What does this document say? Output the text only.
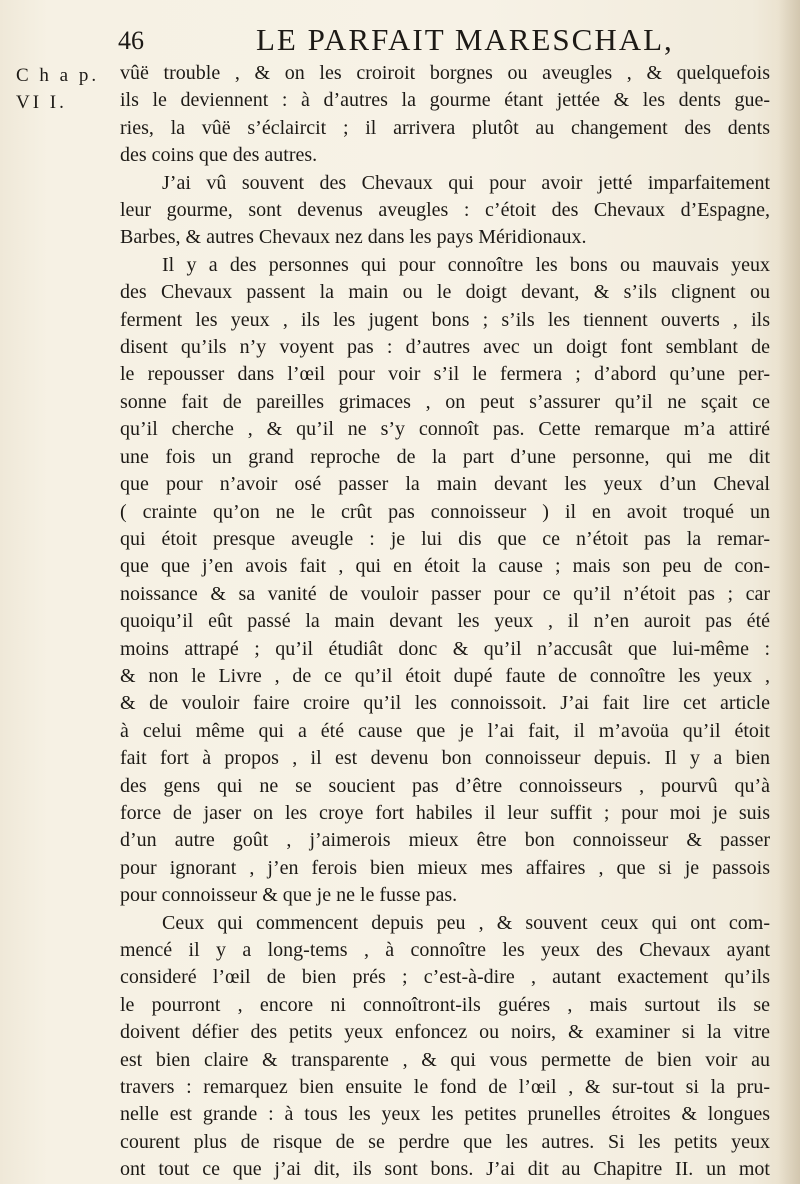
46	LE PARFAIT MARESCHAL,
C h a p.
VI I.
vûë trouble , & on les croiroit borgnes ou aveugles , & quelquefois
ils le deviennent : à d’autres la gourme étant jettée & les dents gue-
ries, la vûë s’éclaircit ; il arrivera plutôt au changement des dents
des coins que des autres.
J’ai vû souvent des Chevaux qui pour avoir jetté imparfaitement
leur gourme, sont devenus aveugles : c’étoit des Chevaux d’Espagne,
Barbes, & autres Chevaux nez dans les pays Méridionaux.
Il y a des personnes qui pour connoître les bons ou mauvais yeux
des Chevaux passent la main ou le doigt devant, & s’ils clignent ou
ferment les yeux , ils les jugent bons ; s’ils les tiennent ouverts , ils
disent qu’ils n’y voyent pas : d’autres avec un doigt font semblant de
le repousser dans l’œil pour voir s’il le fermera ; d’abord qu’une per-
sonne fait de pareilles grimaces , on peut s’assurer qu’il ne sçait ce
qu’il cherche , & qu’il ne s’y connoît pas. Cette remarque m’a attiré
une fois un grand reproche de la part d’une personne, qui me dit
que pour n’avoir osé passer la main devant les yeux d’un Cheval
( crainte qu’on ne le crût pas connoisseur ) il en avoit troqué un
qui étoit presque aveugle : je lui dis que ce n’étoit pas la remar-
que que j’en avois fait , qui en étoit la cause ; mais son peu de con-
noissance & sa vanité de vouloir passer pour ce qu’il n’étoit pas ; car
quoiqu’il eût passé la main devant les yeux , il n’en auroit pas été
moins attrapé ; qu’il étudiât donc & qu’il n’accusât que lui-même :
& non le Livre , de ce qu’il étoit dupé faute de connoître les yeux ,
& de vouloir faire croire qu’il les connoissoit. J’ai fait lire cet article
à celui même qui a été cause que je l’ai fait, il m’avoüa qu’il étoit
fait fort à propos , il est devenu bon connoisseur depuis. Il y a bien
des gens qui ne se soucient pas d’être connoisseurs , pourvû qu’à
force de jaser on les croye fort habiles il leur suffit ; pour moi je suis
d’un autre goût , j’aimerois mieux être bon connoisseur & passer
pour ignorant , j’en ferois bien mieux mes affaires , que si je passois
pour connoisseur & que je ne le fusse pas.
Ceux qui commencent depuis peu , & souvent ceux qui ont com-
mencé il y a long-tems , à connoître les yeux des Chevaux ayant
consideré l’œil de bien prés ; c’est-à-dire , autant exactement qu’ils
le pourront , encore ni connoîtront-ils guéres , mais surtout ils se
doivent défier des petits yeux enfoncez ou noirs, & examiner si la vitre
est bien claire & transparente , & qui vous permette de bien voir au
travers : remarquez bien ensuite le fond de l’œil , & sur-tout si la pru-
nelle est grande : à tous les yeux les petites prunelles étroites & longues
courent plus de risque de se perdre que les autres. Si les petits yeux
ont tout ce que j’ai dit, ils sont bons. J’ai dit au Chapitre II. un mot
